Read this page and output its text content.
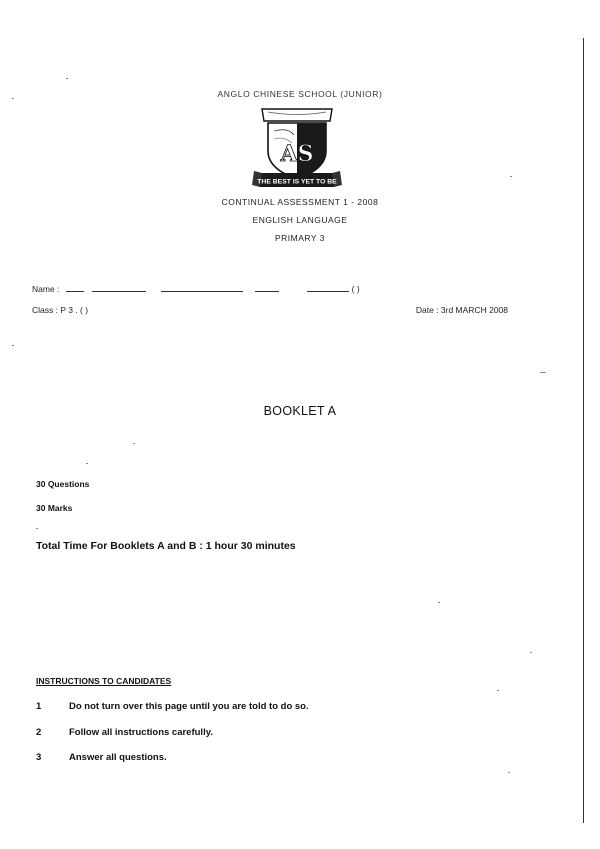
ANGLO CHINESE SCHOOL (JUNIOR)
AS
THE BEST IS YET TO BE
CONTINUAL ASSESSMENT 1 - 2008
ENGLISH LANGUAGE
PRIMARY 3
Name :	( )
Class : P 3 . ( )	Date : 3rd MARCH 2008
BOOKLET A
30 Questions
30 Marks
Total Time For Booklets A and B : 1 hour 30 minutes
INSTRUCTIONS TO CANDIDATES
1	Do not turn over this page until you are told to do so.
2	Follow all instructions carefully.
3	Answer all questions.
